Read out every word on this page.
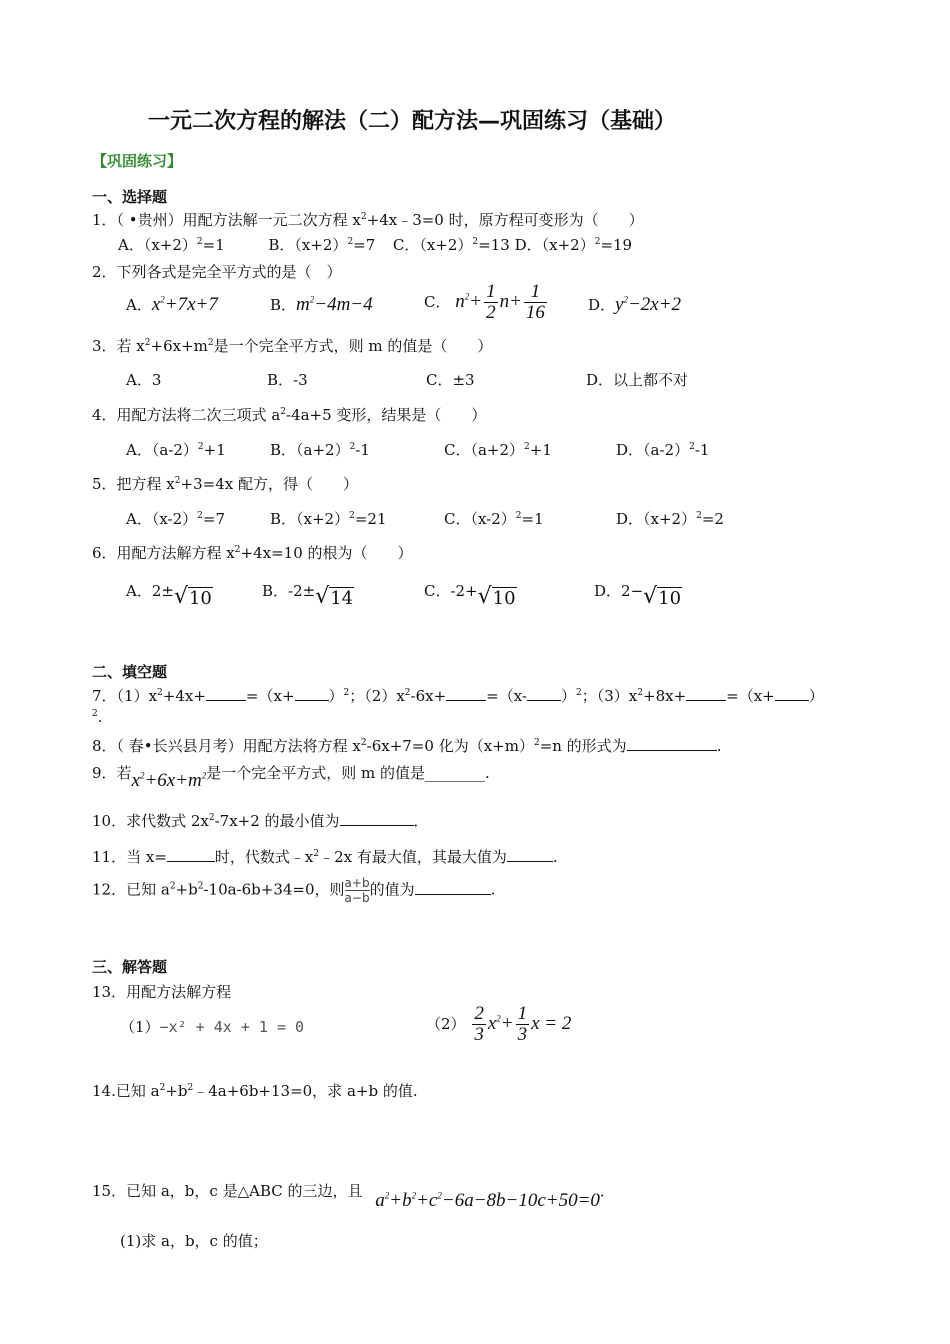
一元二次方程的解法（二）配方法—巩固练习（基础）
【巩固练习】
一、选择题
1．（ •贵州）用配方法解一元二次方程 $x^2+4x﹣3=0$ 时，原方程可变形为（　　）
A．$(x+2)^2=1$	B．$(x+2)^2=7$ C．$(x+2)^2=13$ D．$(x+2)^2=19$
2．下列各式是完全平方式的是（　）
A．$x^2+7x+7$	B．$m^2-4m-4$	C． $n^2+ \frac{1}{2} n+ \frac{1}{16}$	D．$y^2-2x+2$
3．若 $x^2+6x+m^2$是一个完全平方式，则 m 的值是（　　）
A．3	B．-3	C．±3	D．以上都不对
4．用配方法将二次三项式 $a^2-4a+5$ 变形，结果是（　　）
A．$(a-2)^2+1$	B．$(a+2)^2-1$	C．$(a+2)^2+1$	D．$(a-2)^2-1$
5．把方程 $x^2+3=4x$ 配方，得（　　）
A．$(x-2)^2=7$	B．$(x+2)^2=21$	C．$(x-2)^2=1$	D．$(x+2)^2=2$
6．用配方法解方程 $x^2+4x=10$ 的根为（　　）
A．2± √ 10	B．-2± √ 14	C．-2+ √ 10	D．2− √ 10
二、填空题
7．$(1)x^2+4x+$	$=(x+ )^2$；$(2)x^2-6x+$	=（x- ）$^2$；$(3)x^2+8x+$	=（x+ ）
$^2$.
8．（ 春•长兴县月考）用配方法将方程 $x^2-6x+7=0$ 化为$(x+m)^2=n$ 的形式为	.
9．若$x^2+6x+m^2$是一个完全平方式，则 m 的值是________.
10．求代数式 $2x^2-7x+2$ 的最小值为	．
11．当 x=	时，代数式$﹣x^2﹣2x$ 有最大值，其最大值为	.
12．已知 $a^2+b^2-10a-6b+34=0$，则 $\frac{a+b}{a-b}$ 的值为	.
三、解答题
13．用配方法解方程
（1）−x² + 4x + 1 = 0	$(2) \frac{2}{3} x^2+ \frac{1}{3}$ x = 2
14.已知 $a^2+b^2﹣4a+6b+13=0$，求 a+b 的值.
15．已知 a，b，c 是△ABC 的三边，且 $a^2+b^2+c^2-6a-8b-10c+50=0$．
(1)求 a，b，c 的值；
